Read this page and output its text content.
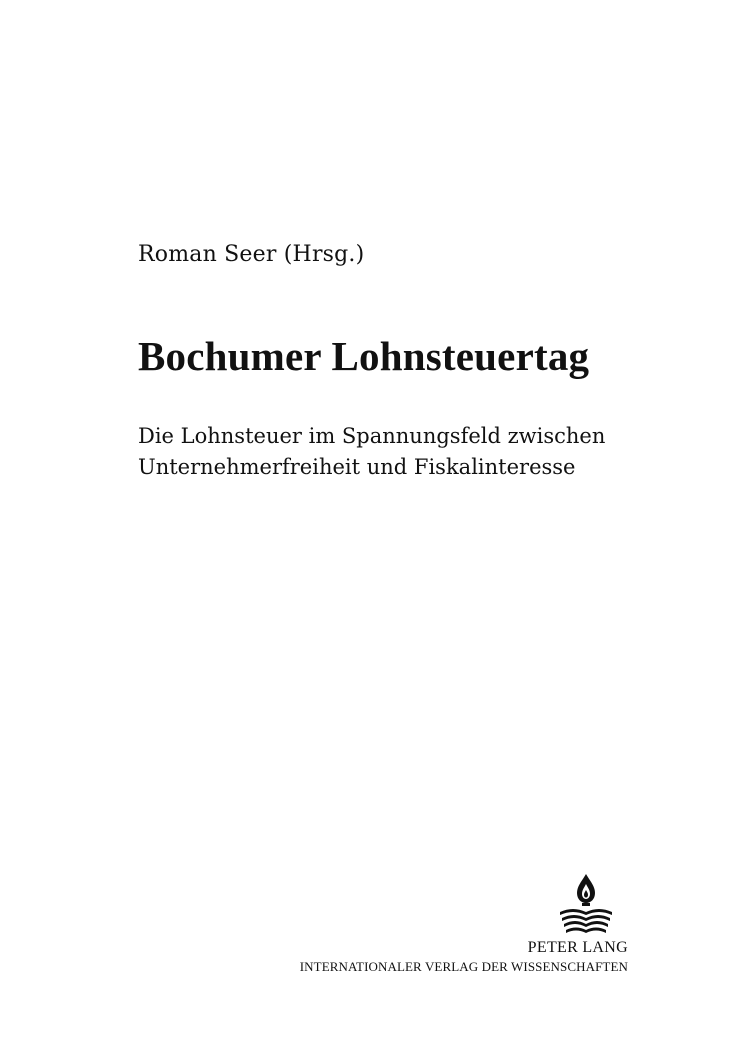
Roman Seer (Hrsg.)
Bochumer Lohnsteuertag
Die Lohnsteuer im Spannungsfeld zwischen
Unternehmerfreiheit und Fiskalinteresse
PETER LANG
INTERNATIONALER VERLAG DER WISSENSCHAFTEN
